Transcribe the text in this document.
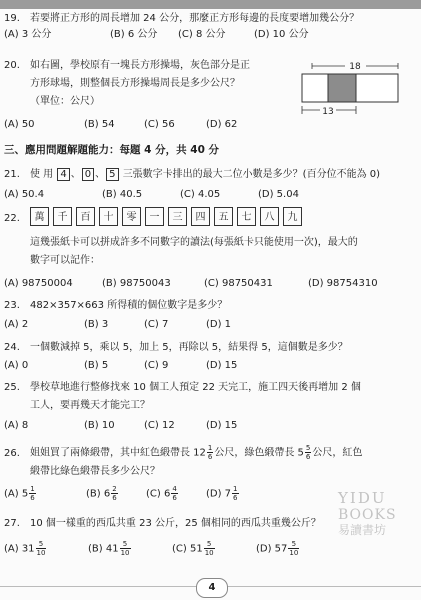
19. 若要將正方形的周長增加 24 公分，那麼正方形每邊的長度要增加幾公分？
(A) 3 公分	(B) 6 公分 (C) 8 公分	(D) 10 公分
20. 如右圖，學校原有一塊長方形操場，灰色部分是正
方形球場，則整個長方形操場周長是多少公尺？
（單位：公尺）
(A) 50	(B) 54	(C) 56	(D) 62
18
13
三、應用問題解題能力：每題 4 分，共 40 分
21. 使 用 4 、 0 、 5 三張數字卡排出的最大二位小數是多少？(百分位不能為 0)
(A) 50.4	(B) 40.5	(C) 4.05	(D) 5.04
22.	萬	千	百	十	零	一	三	四	五	七	八	九
這幾張紙卡可以拼成許多不同數字的讀法(每張紙卡只能使用一次)，最大的
數字可以記作：
(A) 98750004	(B) 98750043	(C) 98750431	(D) 98754310
23. 482×357×663 所得積的個位數字是多少？
(A) 2	(B) 3	(C) 7	(D) 1
24. 一個數減掉 5，乘以 5，加上 5，再除以 5，結果得 5，這個數是多少？
(A) 0	(B) 5	(C) 9	(D) 15
25. 學校草地進行整修找來 10 個工人預定 22 天完工，施工四天後再增加 2 個
工人，要再幾天才能完工？
(A) 8	(B) 10	(C) 12	(D) 15
26. 姐姐買了兩條緞帶，其中紅色緞帶長 $12 \frac{1}{6}$ 公尺，綠色緞帶長 $5 \frac{5}{6}$ 公尺，紅色
緞帶比綠色緞帶長多少公尺？
(A) $5 \frac{1}{6}$	(B) $6 \frac{2}{6}$	(C) $6 \frac{4}{6}$	(D) $7 \frac{1}{6}$
27. 10 個一樣重的西瓜共重 23 公斤，25 個相同的西瓜共重幾公斤？
(A) $31 \frac{5}{10}$	(B) $41 \frac{5}{10}$	(C) $51 \frac{5}{10}$	(D) $57 \frac{5}{10}$
YIDU
BOOKS
易讀書坊
4
